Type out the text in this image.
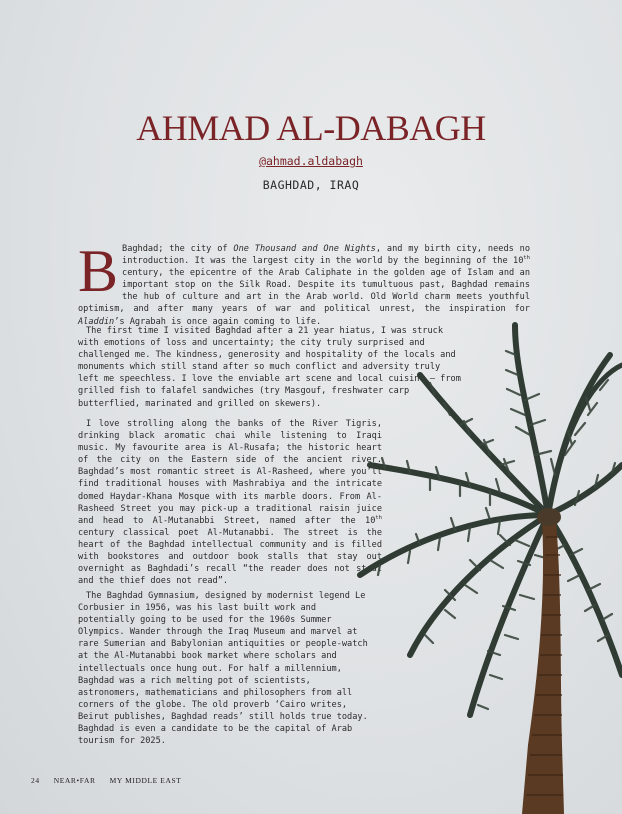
AHMAD AL-DABAGH
@ahmad.aldabagh
BAGHDAD, IRAQ
B Baghdad; the city of One Thousand and One Nights, and my birth city, needs no introduction. It was the largest city in the world by the beginning of the 10th century, the epicentre of the Arab Caliphate in the golden age of Islam and an important stop on the Silk Road. Despite its tumultuous past, Baghdad remains the hub of culture and art in the Arab world. Old World charm meets youthful optimism, and after many years of war and political unrest, the inspiration for Aladdin’s Agrabah is once again coming to life.
The first time I visited Baghdad after a 21 year hiatus, I was struck with emotions of loss and uncertainty; the city truly surprised and challenged me. The kindness, generosity and hospitality of the locals and monuments which still stand after so much conflict and adversity truly left me speechless. I love the enviable art scene and local cuisine – from grilled fish to falafel sandwiches (try Masgouf, freshwater carp butterflied, marinated and grilled on skewers).
I love strolling along the banks of the River Tigris, drinking black aromatic chai while listening to Iraqi music. My favourite area is Al-Rusafa; the historic heart of the city on the Eastern side of the ancient river. Baghdad’s most romantic street is Al-Rasheed, where you’ll find traditional houses with Mashrabiya and the intricate domed Haydar-Khana Mosque with its marble doors. From Al-Rasheed Street you may pick-up a traditional raisin juice and head to Al-Mutanabbi Street, named after the 10th century classical poet Al-Mutanabbi. The street is the heart of the Baghdad intellectual community and is filled with bookstores and outdoor book stalls that stay out overnight as Baghdadi’s recall “the reader does not steal and the thief does not read”.
The Baghdad Gymnasium, designed by modernist legend Le Corbusier in 1956, was his last built work and potentially going to be used for the 1960s Summer Olympics. Wander through the Iraq Museum and marvel at rare Sumerian and Babylonian antiquities or people-watch at the Al-Mutanabbi book market where scholars and intellectuals once hung out. For half a millennium, Baghdad was a rich melting pot of scientists, astronomers, mathematicians and philosophers from all corners of the globe. The old proverb ‘Cairo writes, Beirut publishes, Baghdad reads’ still holds true today. Baghdad is even a candidate to be the capital of Arab tourism for 2025.
24 NEAR•FAR MY MIDDLE EAST
